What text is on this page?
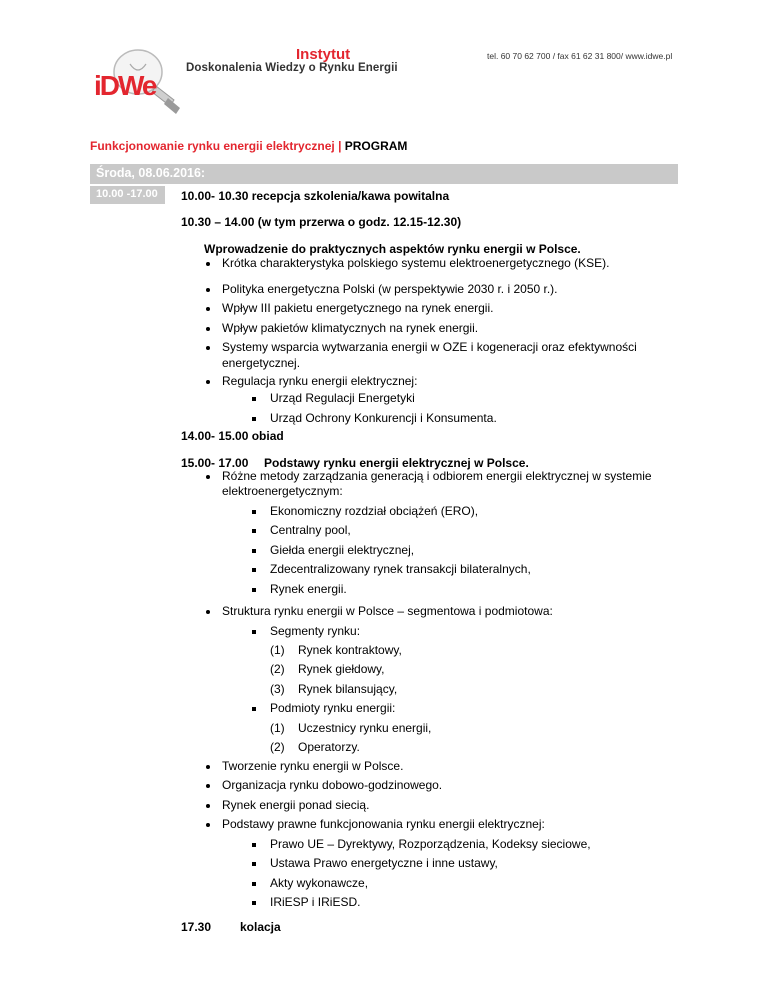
iDWe
Instytut
Doskonalenia Wiedzy o Rynku Energii
tel. 60 70 62 700 / fax 61 62 31 800/ www.idwe.pl
Funkcjonowanie rynku energii elektrycznej | PROGRAM
Środa, 08.06.2016:
10.00 -17.00 10.00- 10.30 recepcja szkolenia/kawa powitalna
10.30 – 14.00 (w tym przerwa o godz. 12.15-12.30)
Wprowadzenie do praktycznych aspektów rynku energii w Polsce.
Krótka charakterystyka polskiego systemu elektroenergetycznego (KSE).
Polityka energetyczna Polski (w perspektywie 2030 r. i 2050 r.).
Wpływ III pakietu energetycznego na rynek energii.
Wpływ pakietów klimatycznych na rynek energii.
Systemy wsparcia wytwarzania energii w OZE i kogeneracji oraz efektywności
energetycznej.
Regulacja rynku energii elektrycznej:
Urząd Regulacji Energetyki
Urząd Ochrony Konkurencji i Konsumenta.
14.00- 15.00 obiad
15.00- 17.00 Podstawy rynku energii elektrycznej w Polsce.
Różne metody zarządzania generacją i odbiorem energii elektrycznej w systemie
elektroenergetycznym:
Ekonomiczny rozdział obciążeń (ERO),
Centralny pool,
Giełda energii elektrycznej,
Zdecentralizowany rynek transakcji bilateralnych,
Rynek energii.
Struktura rynku energii w Polsce – segmentowa i podmiotowa:
Segmenty rynku:
(1) Rynek kontraktowy,
(2) Rynek giełdowy,
(3) Rynek bilansujący,
Podmioty rynku energii:
(1) Uczestnicy rynku energii,
(2) Operatorzy.
Tworzenie rynku energii w Polsce.
Organizacja rynku dobowo-godzinowego.
Rynek energii ponad siecią.
Podstawy prawne funkcjonowania rynku energii elektrycznej:
Prawo UE – Dyrektywy, Rozporządzenia, Kodeksy sieciowe,
Ustawa Prawo energetyczne i inne ustawy,
Akty wykonawcze,
IRiESP i IRiESD.
17.30 kolacja
